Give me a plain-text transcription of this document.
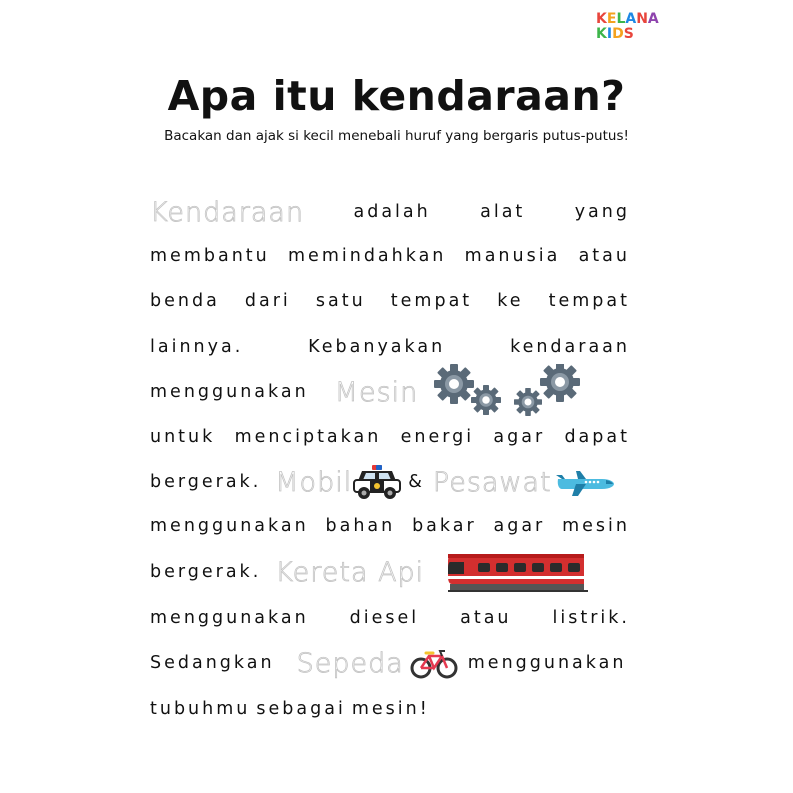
K E L A N A
K I D S
Apa itu kendaraan?
Bacakan dan ajak si kecil menebali huruf yang bergaris putus-putus!
Kendaraan	adalah	alat	yang
membantu memindahkan manusia atau
benda dari satu tempat ke tempat
lainnya.	Kebanyakan	kendaraan
menggunakan Mesin
untuk menciptakan energi agar dapat
bergerak. Mobil	& Pesawat
menggunakan bahan bakar agar mesin
bergerak. Kereta Api
menggunakan diesel atau listrik.
Sedangkan Sepeda	menggunakan
tubuhmu sebagai mesin!
